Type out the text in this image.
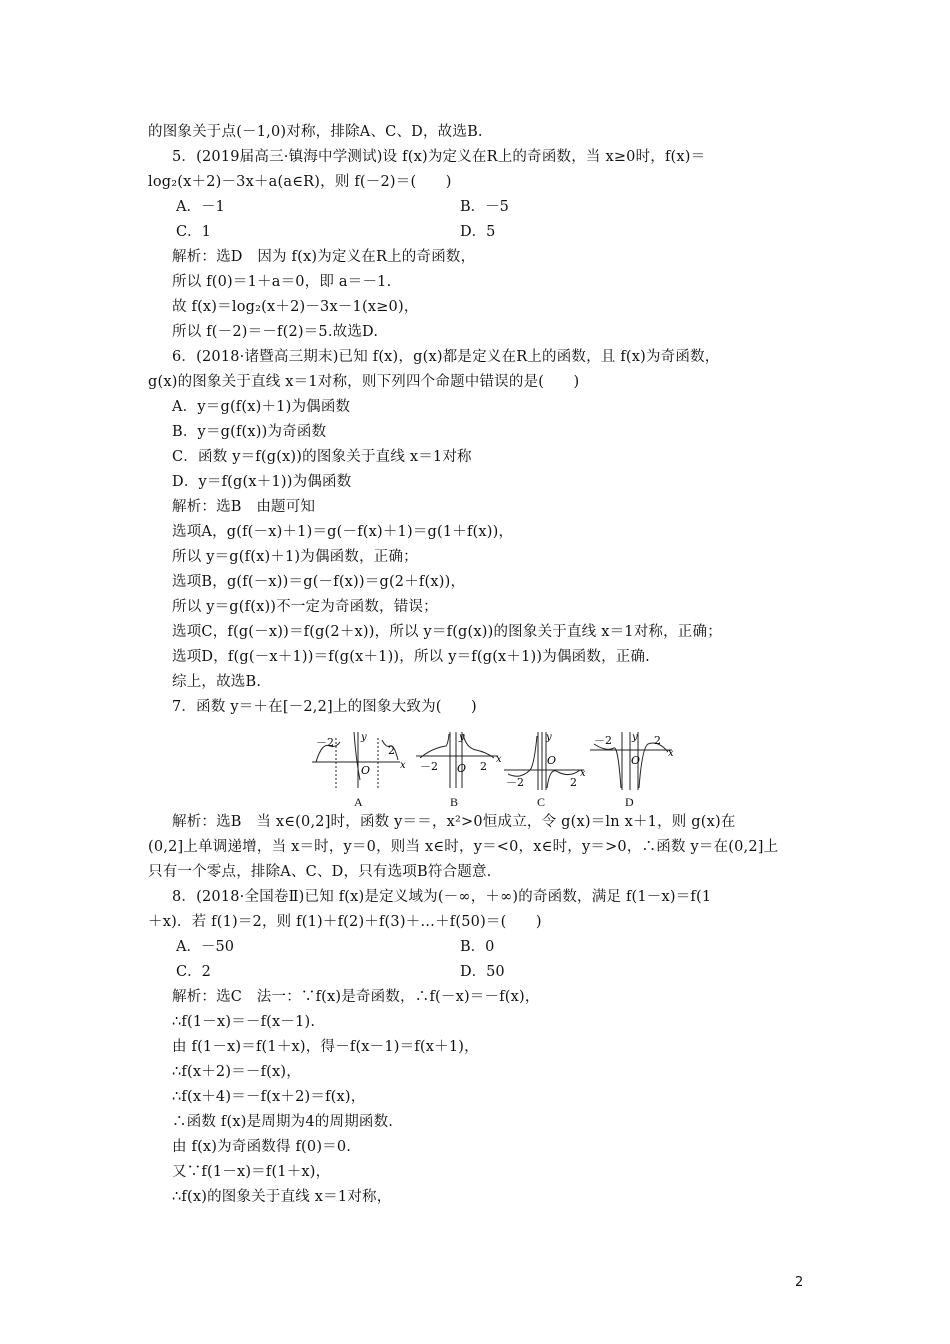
的图象关于点(－1,0)对称，排除A、C、D，故选B.
5．(2019届高三·镇海中学测试)设 f(x)为定义在R上的奇函数，当 x≥0时，f(x)＝
log₂(x＋2)－3x＋a(a∈R)，则 f(－2)＝(　　)
A．－1	B．－5
C．1	D．5
解析：选D　因为 f(x)为定义在R上的奇函数，
所以 f(0)＝1＋a＝0，即 a＝－1.
故 f(x)＝log₂(x＋2)－3x－1(x≥0)，
所以 f(－2)＝－f(2)＝5.故选D.
6．(2018·诸暨高三期末)已知 f(x)，g(x)都是定义在R上的函数，且 f(x)为奇函数，
g(x)的图象关于直线 x＝1对称，则下列四个命题中错误的是(　　)
A．y＝g(f(x)＋1)为偶函数
B．y＝g(f(x))为奇函数
C．函数 y＝f(g(x))的图象关于直线 x＝1对称
D．y＝f(g(x＋1))为偶函数
解析：选B　由题可知
选项A，g(f(－x)＋1)＝g(－f(x)＋1)＝g(1＋f(x))，
所以 y＝g(f(x)＋1)为偶函数，正确；
选项B，g(f(－x))＝g(－f(x))＝g(2＋f(x))，
所以 y＝g(f(x))不一定为奇函数，错误；
选项C，f(g(－x))＝f(g(2＋x))，所以 y＝f(g(x))的图象关于直线 x＝1对称，正确；
选项D，f(g(－x＋1))＝f(g(x＋1))，所以 y＝f(g(x＋1))为偶函数，正确.
综上，故选B.
7．函数 y＝＋在[－2,2]上的图象大致为(　　)
－2
2
O
y
x －2	2
O
y
x
－2	2
O
y
x
－2	2
O
y
x
A	B	C	D
解析：选B　当 x∈(0,2]时，函数 y＝＝，x²>0恒成立，令 g(x)＝ln x＋1，则 g(x)在
(0,2]上单调递增，当 x＝时，y＝0，则当 x∈时，y＝<0，x∈时，y＝>0，∴函数 y＝在(0,2]上
只有一个零点，排除A、C、D，只有选项B符合题意.
8．(2018·全国卷Ⅱ)已知 f(x)是定义域为(－∞，＋∞)的奇函数，满足 f(1－x)＝f(1
＋x)．若 f(1)＝2，则 f(1)＋f(2)＋f(3)＋…＋f(50)＝(　　)
A．－50	B．0
C．2	D．50
解析：选C　法一：∵f(x)是奇函数，∴f(－x)＝－f(x)，
∴f(1－x)＝－f(x－1).
由 f(1－x)＝f(1＋x)，得－f(x－1)＝f(x＋1)，
∴f(x＋2)＝－f(x)，
∴f(x＋4)＝－f(x＋2)＝f(x)，
∴函数 f(x)是周期为4的周期函数.
由 f(x)为奇函数得 f(0)＝0.
又∵f(1－x)＝f(1＋x)，
∴f(x)的图象关于直线 x＝1对称，
2
